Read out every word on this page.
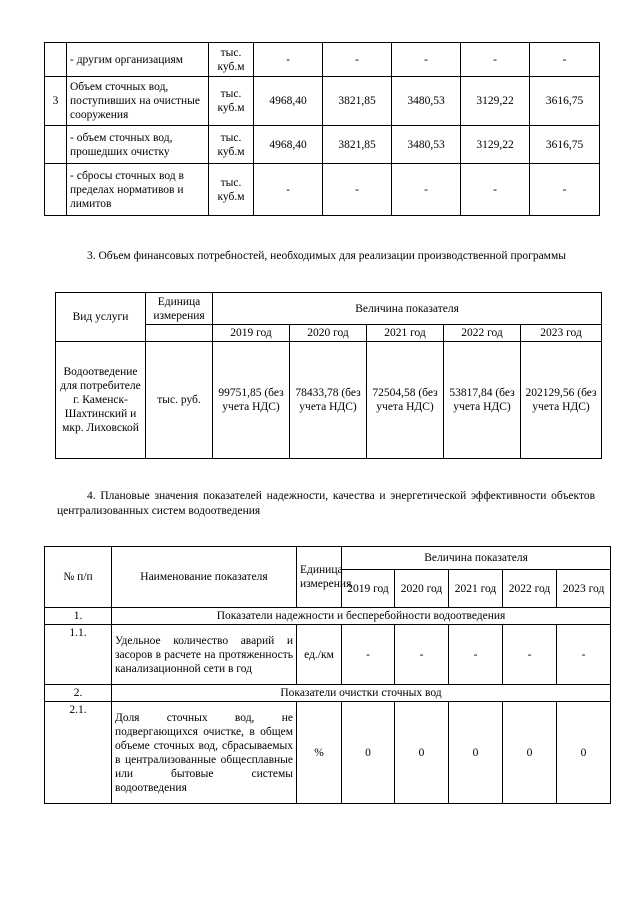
	- другим организациям	тыс. куб.м	-	-	-	-	-
3	Объем сточных вод, поступивших на очистные сооружения	тыс. куб.м	4968,40	3821,85	3480,53	3129,22	3616,75
	- объем сточных вод, прошедших очистку	тыс. куб.м	4968,40	3821,85	3480,53	3129,22	3616,75
	- сбросы сточных вод в пределах нормативов и лимитов	тыс. куб.м	-	-	-	-	-
3. Объем финансовых потребностей, необходимых для реализации производственной программы
Вид услуги	Единица измерения	Величина показателя				
		2019 год	2020 год	2021 год	2022 год	2023 год
Водоотведение для потребителе г. Каменск-Шахтинский и мкр. Лиховской	тыс. руб.	99751,85 (без учета НДС)	78433,78 (без учета НДС)	72504,58 (без учета НДС)	53817,84 (без учета НДС)	202129,56 (без учета НДС)
4. Плановые значения показателей надежности, качества и энергетической эффективности объектов централизованных систем водоотведения
№ п/п	Наименование показателя	Единица измерения	Величина показателя				
			2019 год	2020 год	2021 год	2022 год	2023 год
1.	Показатели надежности и бесперебойности водоотведения						
1.1.	Удельное количество аварий и засоров в расчете на протяженность канализационной сети в год	ед./км	-	-	-	-	-
2.	Показатели очистки сточных вод						
2.1.	Доля сточных вод, не подвергающихся очистке, в общем объеме сточных вод, сбрасываемых в централизованные общесплавные или бытовые системы водоотведения	%	0	0	0	0	0
